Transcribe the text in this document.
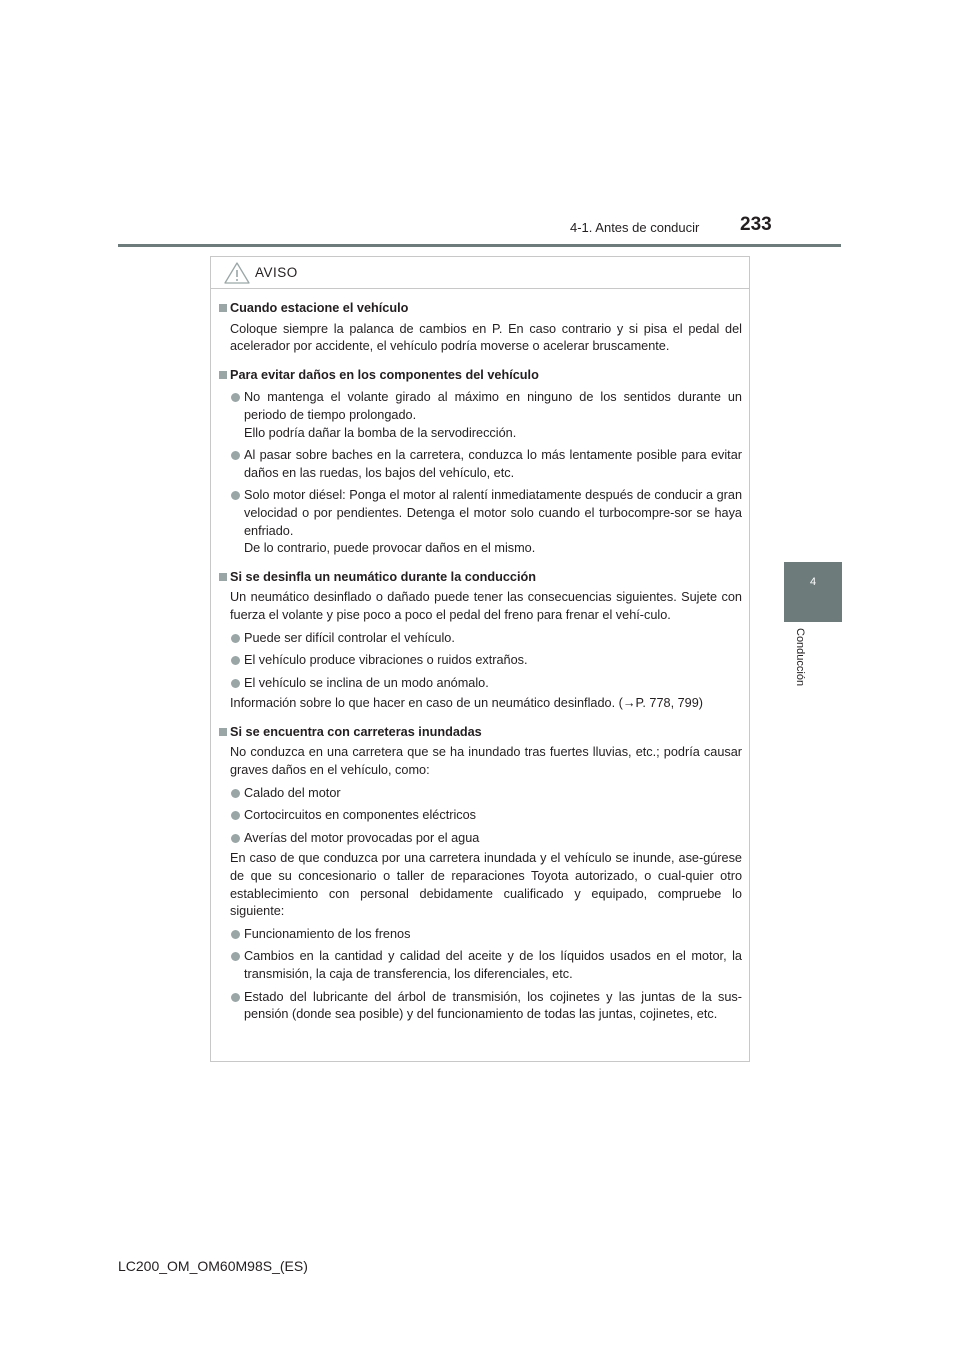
4-1. Antes de conducir 233
4
Conducción
AVISO
Cuando estacione el vehículo
Coloque siempre la palanca de cambios en P. En caso contrario y si pisa el pedal del acelerador por accidente, el vehículo podría moverse o acelerar bruscamente.
Para evitar daños en los componentes del vehículo
No mantenga el volante girado al máximo en ninguno de los sentidos durante un periodo de tiempo prolongado.
Ello podría dañar la bomba de la servodirección.
Al pasar sobre baches en la carretera, conduzca lo más lentamente posible para evitar daños en las ruedas, los bajos del vehículo, etc.
Solo motor diésel: Ponga el motor al ralentí inmediatamente después de conducir a gran velocidad o por pendientes. Detenga el motor solo cuando el turbocompre-sor se haya enfriado.
De lo contrario, puede provocar daños en el mismo.
Si se desinfla un neumático durante la conducción
Un neumático desinflado o dañado puede tener las consecuencias siguientes. Sujete con fuerza el volante y pise poco a poco el pedal del freno para frenar el vehí-culo.
Puede ser difícil controlar el vehículo.
El vehículo produce vibraciones o ruidos extraños.
El vehículo se inclina de un modo anómalo.
Información sobre lo que hacer en caso de un neumático desinflado. (→P. 778, 799)
Si se encuentra con carreteras inundadas
No conduzca en una carretera que se ha inundado tras fuertes lluvias, etc.; podría causar graves daños en el vehículo, como:
Calado del motor
Cortocircuitos en componentes eléctricos
Averías del motor provocadas por el agua
En caso de que conduzca por una carretera inundada y el vehículo se inunde, ase-gúrese de que su concesionario o taller de reparaciones Toyota autorizado, o cual-quier otro establecimiento con personal debidamente cualificado y equipado, compruebe lo siguiente:
Funcionamiento de los frenos
Cambios en la cantidad y calidad del aceite y de los líquidos usados en el motor, la transmisión, la caja de transferencia, los diferenciales, etc.
Estado del lubricante del árbol de transmisión, los cojinetes y las juntas de la sus-pensión (donde sea posible) y del funcionamiento de todas las juntas, cojinetes, etc.
LC200_OM_OM60M98S_(ES)
